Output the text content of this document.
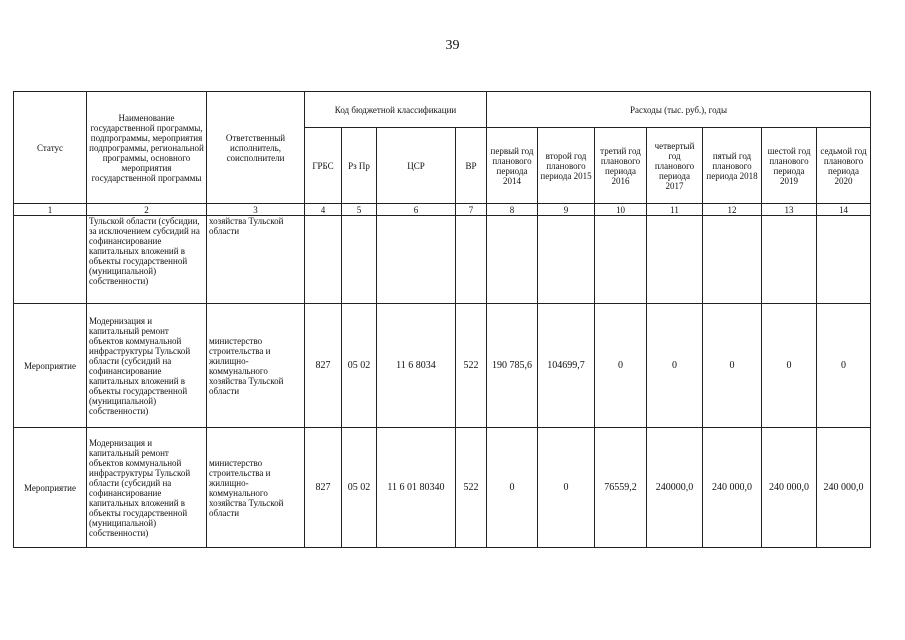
39
Статус	Наименование государственной программы, подпрограммы, мероприятия подпрограммы, региональной программы, основного мероприятия государственной программы	Ответственный исполнитель, соисполнители	Код бюджетной классификации				Расходы (тыс. руб.), годы						
			ГРБС	Рз Пр	ЦСР	ВР	первый год планового периода 2014	второй год планового периода 2015	третий год планового периода 2016	четвертый год планового периода 2017	пятый год планового периода 2018	шестой год планового периода 2019	седьмой год планового периода 2020
1	2	3	4	5	6	7	8	9	10	11	12	13	14
	Тульской области (субсидии, за исключением субсидий на софинансирование капитальных вложений в объекты государственной (муниципальной) собственности)	хозяйства Тульской области											
Мероприятие	Модернизация и капитальный ремонт объектов коммунальной инфраструктуры Тульской области (субсидий на софинансирование капитальных вложений в объекты государственной (муниципальной) собственности)	министерство строительства и жилищно-коммунального хозяйства Тульской области	827	05 02	11 6 8034	522	190 785,6	104699,7	0	0	0	0	0
Мероприятие	Модернизация и капитальный ремонт объектов коммунальной инфраструктуры Тульской области (субсидий на софинансирование капитальных вложений в объекты государственной (муниципальной) собственности)	министерство строительства и жилищно-коммунального хозяйства Тульской области	827	05 02	11 6 01 80340	522	0	0	76559,2	240000,0	240 000,0	240 000,0	240 000,0
